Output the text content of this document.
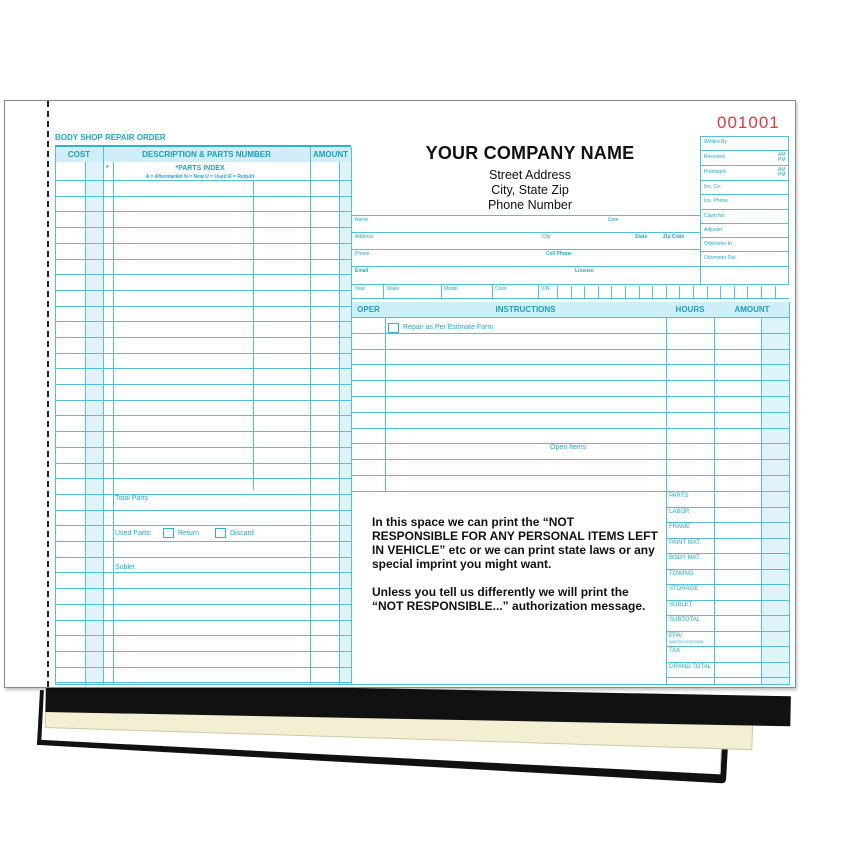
BODY SHOP REPAIR ORDER
COST	DESCRIPTION & PARTS NUMBER	AMOUNT
*	*PARTS INDEX
A = Aftermarket N = New U = Used R = Rebuilt
Total Parts
Used Parts:	Return	Discard
Sublet
YOUR COMPANY NAME
Street Address
City, State Zip
Phone Number
001001
Written By
Received	AM
PM
Promised	AM
PM
Ins. Co.
Ins. Phone
Claim No.
Adjuster
Odometer In
Odometer Out
Name	Date
Address	City	State	Zip Code
Phone	Cell Phone
Email	License
Year	Make	Model	Color	VIN
OPER	INSTRUCTIONS	HOURS	AMOUNT
Repair as Per Estimate Form
Open Items
PARTS
LABOR
FRAME
PAINT MAT.
BODY MAT.
TOWING
STORAGE
SUBLET
SUBTOTAL
EPA/
WASTE DISPOSAL
TAX
GRAND TOTAL

In this space we can print the “NOT RESPONSIBLE FOR ANY PERSONAL ITEMS LEFT IN VEHICLE” etc or we can print state laws or any special imprint you might want.

Unless you tell us differently we will print the “NOT RESPONSIBLE...” authorization message.
